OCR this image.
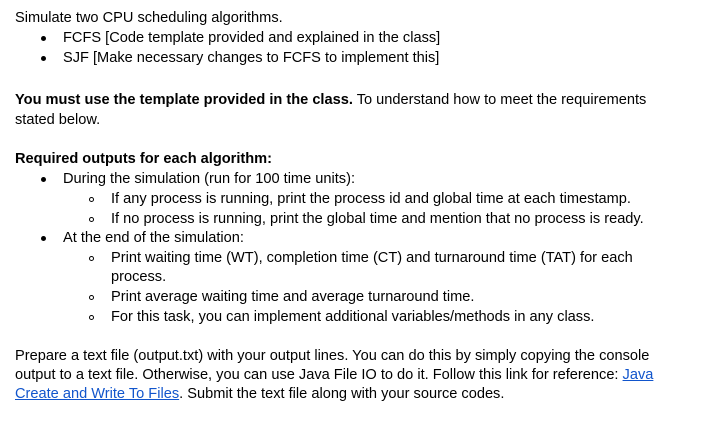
Simulate two CPU scheduling algorithms.
FCFS [Code template provided and explained in the class]
SJF [Make necessary changes to FCFS to implement this]
You must use the template provided in the class. To understand how to meet the requirements
stated below.
Required outputs for each algorithm:
During the simulation (run for 100 time units):
If any process is running, print the process id and global time at each timestamp.
If no process is running, print the global time and mention that no process is ready.
At the end of the simulation:
Print waiting time (WT), completion time (CT) and turnaround time (TAT) for each
process.
Print average waiting time and average turnaround time.
For this task, you can implement additional variables/methods in any class.
Prepare a text file (output.txt) with your output lines. You can do this by simply copying the console
output to a text file. Otherwise, you can use Java File IO to do it. Follow this link for reference: Java
Create and Write To Files. Submit the text file along with your source codes.
